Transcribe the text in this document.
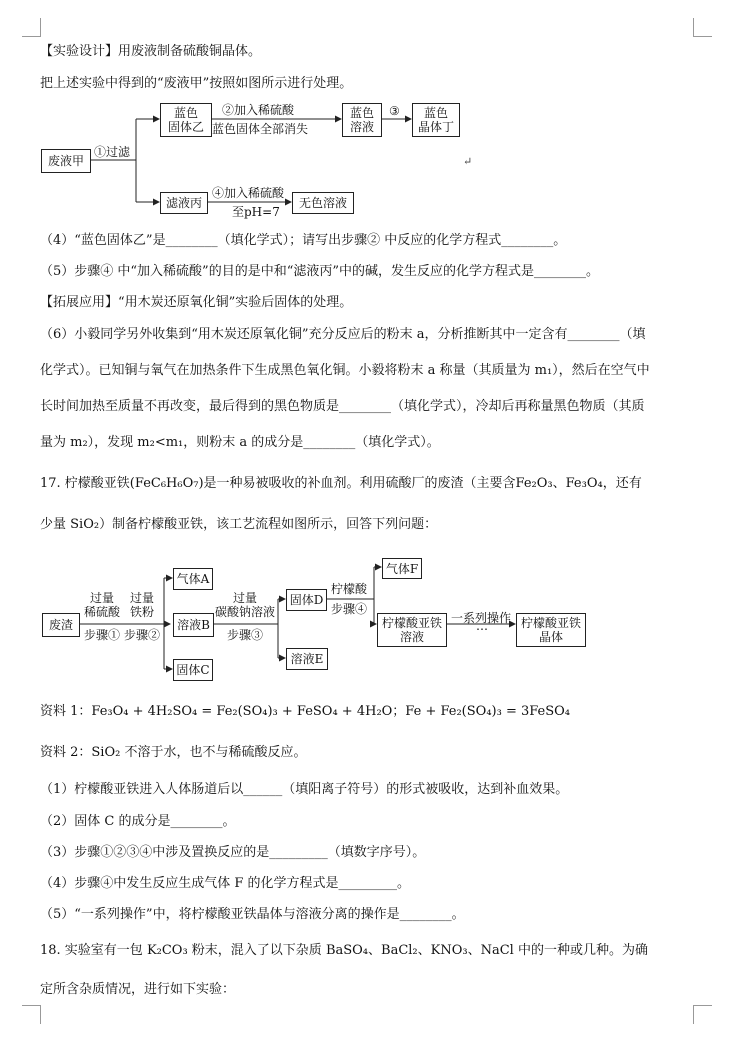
【实验设计】用废液制备硫酸铜晶体。
把上述实验中得到的“废液甲”按照如图所示进行处理。
废液甲
①过滤
蓝色
固体乙
②加入稀硫酸
蓝色固体全部消失
蓝色
溶液
③	蓝色
晶体丁
滤液丙
④加入稀硫酸
至pH=7
无色溶液
↵
（4）“蓝色固体乙”是________（填化学式）；请写出步骤② 中反应的化学方程式________。
（5）步骤④ 中“加入稀硫酸”的目的是中和“滤液丙”中的碱，发生反应的化学方程式是________。
【拓展应用】“用木炭还原氧化铜”实验后固体的处理。
（6）小毅同学另外收集到“用木炭还原氧化铜”充分反应后的粉末 a，分析推断其中一定含有________（填
化学式）。已知铜与氧气在加热条件下生成黑色氧化铜。小毅将粉末 a 称量（其质量为 m₁），然后在空气中
长时间加热至质量不再改变，最后得到的黑色物质是________（填化学式），冷却后再称量黑色物质（其质
量为 m₂），发现 m₂<m₁，则粉末 a 的成分是________（填化学式）。
17. 柠檬酸亚铁(FeC₆H₆O₇)是一种易被吸收的补血剂。利用硫酸厂的废渣（主要含Fe₂O₃、Fe₃O₄，还有
少量 SiO₂）制备柠檬酸亚铁，该工艺流程如图所示，回答下列问题：
废渣
过量
稀硫酸
步骤①
过量
铁粉
步骤②
气体A
溶液B
固体C
过量
碳酸钠溶液
步骤③
固体D
溶液E
柠檬酸
步骤④
气体F
柠檬酸亚铁
溶液
一系列操作
⋯	柠檬酸亚铁
晶体
资料 1：Fe₃O₄ + 4H₂SO₄ = Fe₂(SO₄)₃ + FeSO₄ + 4H₂O；Fe + Fe₂(SO₄)₃ = 3FeSO₄
资料 2：SiO₂ 不溶于水，也不与稀硫酸反应。
（1）柠檬酸亚铁进入人体肠道后以______（填阳离子符号）的形式被吸收，达到补血效果。
（2）固体 C 的成分是________。
（3）步骤①②③④中涉及置换反应的是_________（填数字序号）。
（4）步骤④中发生反应生成气体 F 的化学方程式是_________。
（5）“一系列操作”中，将柠檬酸亚铁晶体与溶液分离的操作是________。
18. 实验室有一包 K₂CO₃ 粉末，混入了以下杂质 BaSO₄、BaCl₂、KNO₃、NaCl 中的一种或几种。为确
定所含杂质情况，进行如下实验：
